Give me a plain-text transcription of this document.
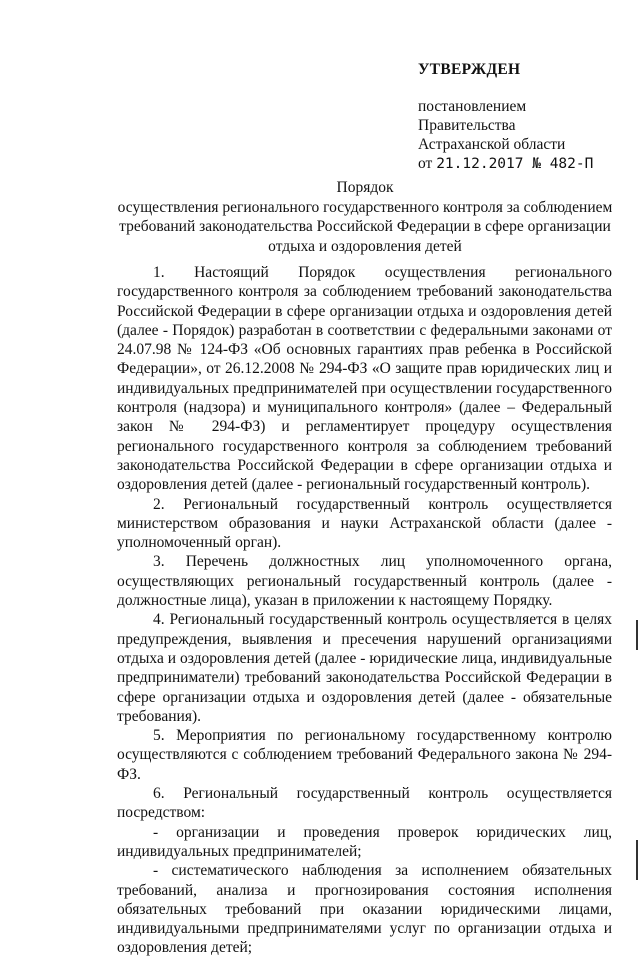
УТВЕРЖДЕН
постановлением
Правительства
Астраханской области
от 21.12.2017 № 482-П
Порядок
осуществления регионального государственного контроля за соблюдением
требований законодательства Российской Федерации в сфере организации
отдыха и оздоровления детей

1. Настоящий Порядок осуществления регионального государственного контроля за соблюдением требований законодательства Российской Федерации в сфере организации отдыха и оздоровления детей (далее - Порядок) разработан в соответствии с федеральными законами от 24.07.98 № 124-ФЗ «Об основных гарантиях прав ребенка в Российской Федерации», от 26.12.2008 № 294-ФЗ «О защите прав юридических лиц и индивидуальных предпринимателей при осуществлении государственного контроля (надзора) и муниципального контроля» (далее – Федеральный закон № 294-ФЗ) и регламентирует процедуру осуществления регионального государственного контроля за соблюдением требований законодательства Российской Федерации в сфере организации отдыха и оздоровления детей (далее - региональный государственный контроль).

2. Региональный государственный контроль осуществляется министерством образования и науки Астраханской области (далее - уполномоченный орган).

3. Перечень должностных лиц уполномоченного органа, осуществляющих региональный государственный контроль (далее - должностные лица), указан в приложении к настоящему Порядку.

4. Региональный государственный контроль осуществляется в целях предупреждения, выявления и пресечения нарушений организациями отдыха и оздоровления детей (далее - юридические лица, индивидуальные предприниматели) требований законодательства Российской Федерации в сфере организации отдыха и оздоровления детей (далее - обязательные требования).

5. Мероприятия по региональному государственному контролю осуществляются с соблюдением требований Федерального закона № 294-ФЗ.

6. Региональный государственный контроль осуществляется посредством:

- организации и проведения проверок юридических лиц, индивидуальных предпринимателей;

- систематического наблюдения за исполнением обязательных требований, анализа и прогнозирования состояния исполнения обязательных требований при оказании юридическими лицами, индивидуальными предпринимателями услуг по организации отдыха и оздоровления детей;
